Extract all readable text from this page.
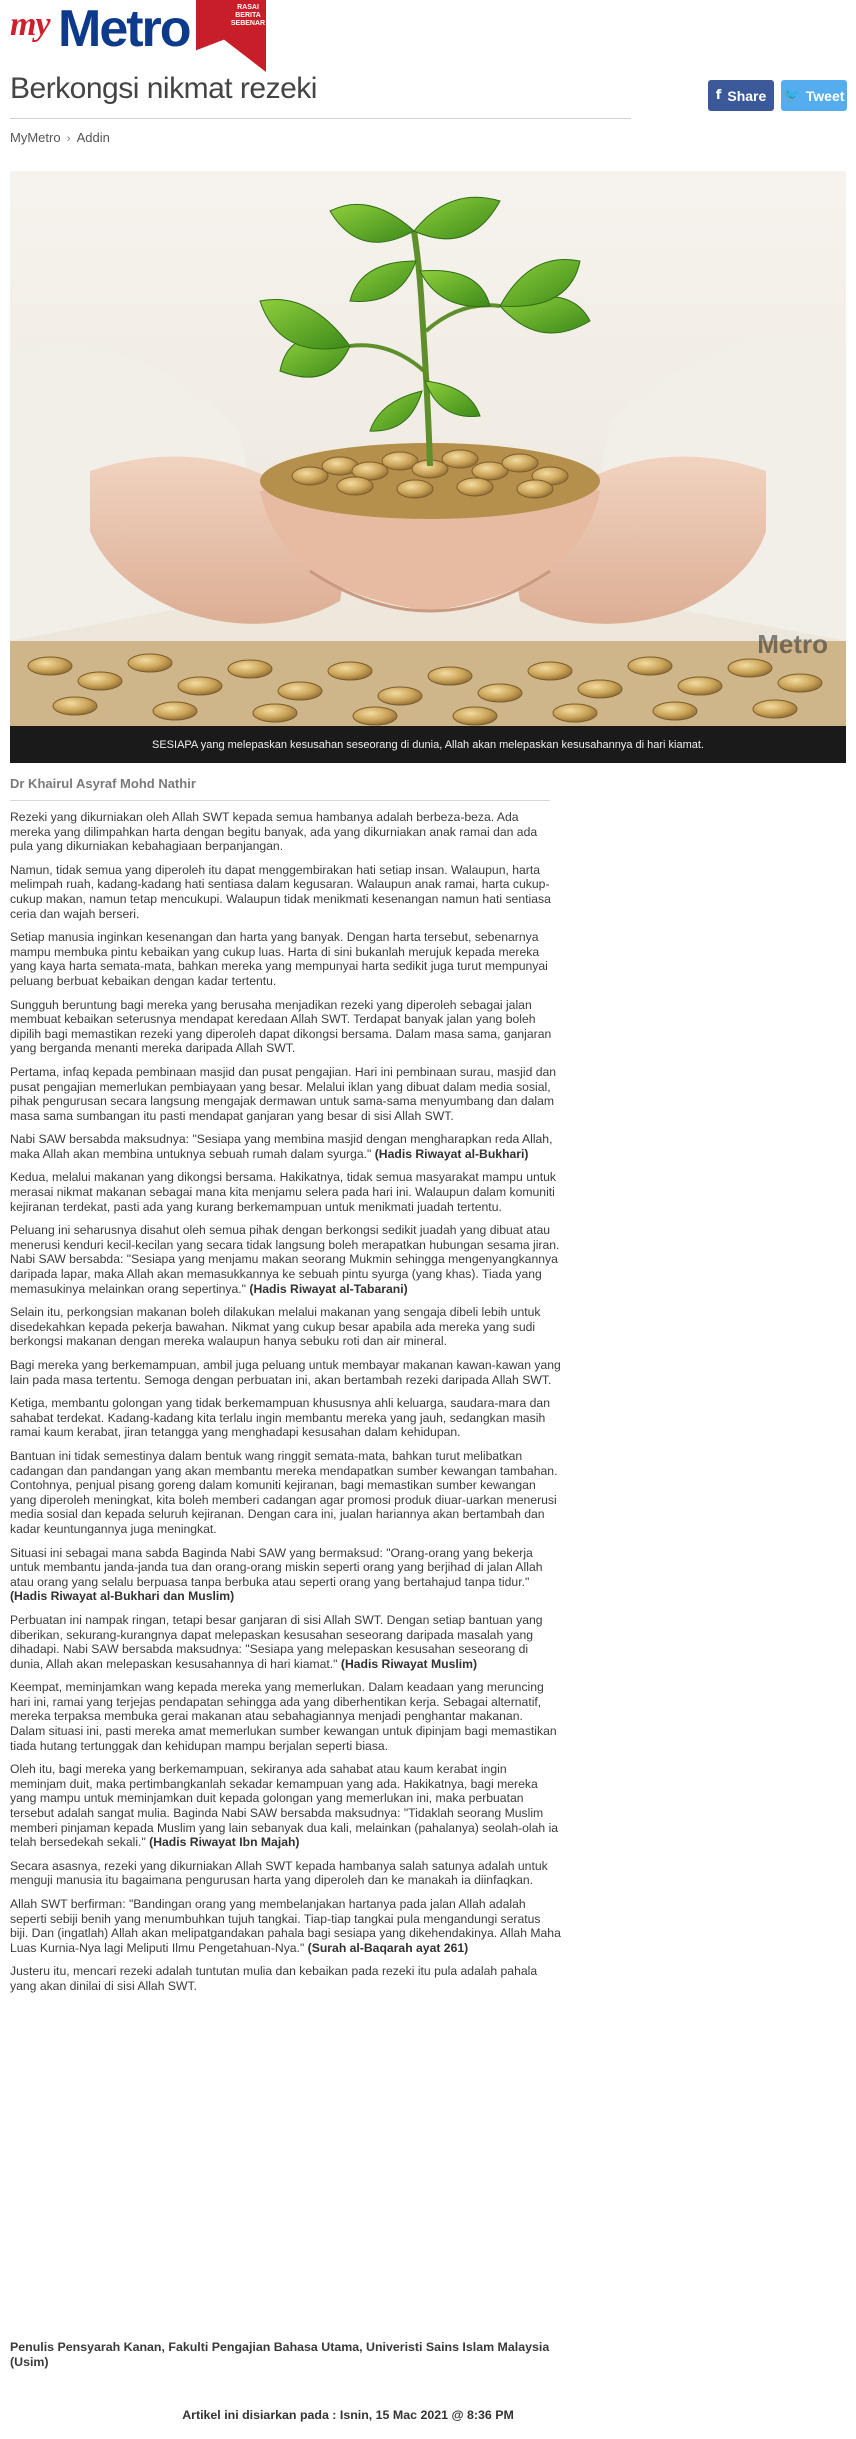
my Metro	RASAI BERITA SEBENAR
Berkongsi nikmat rezeki	f Share 🐦 Tweet
MyMetro › Addin
Metro
SESIAPA yang melepaskan kesusahan seseorang di dunia, Allah akan melepaskan kesusahannya di hari kiamat.
Dr Khairul Asyraf Mohd Nathir

Rezeki yang dikurniakan oleh Allah SWT kepada semua hambanya adalah berbeza-beza. Ada mereka yang dilimpahkan harta dengan begitu banyak, ada yang dikurniakan anak ramai dan ada pula yang dikurniakan kebahagiaan berpanjangan.

Namun, tidak semua yang diperoleh itu dapat menggembirakan hati setiap insan. Walaupun, harta melimpah ruah, kadang-kadang hati sentiasa dalam kegusaran. Walaupun anak ramai, harta cukup-cukup makan, namun tetap mencukupi. Walaupun tidak menikmati kesenangan namun hati sentiasa ceria dan wajah berseri.

Setiap manusia inginkan kesenangan dan harta yang banyak. Dengan harta tersebut, sebenarnya mampu membuka pintu kebaikan yang cukup luas. Harta di sini bukanlah merujuk kepada mereka yang kaya harta semata-mata, bahkan mereka yang mempunyai harta sedikit juga turut mempunyai peluang berbuat kebaikan dengan kadar tertentu.

Sungguh beruntung bagi mereka yang berusaha menjadikan rezeki yang diperoleh sebagai jalan membuat kebaikan seterusnya mendapat keredaan Allah SWT. Terdapat banyak jalan yang boleh dipilih bagi memastikan rezeki yang diperoleh dapat dikongsi bersama. Dalam masa sama, ganjaran yang berganda menanti mereka daripada Allah SWT.

Pertama, infaq kepada pembinaan masjid dan pusat pengajian. Hari ini pembinaan surau, masjid dan pusat pengajian memerlukan pembiayaan yang besar. Melalui iklan yang dibuat dalam media sosial, pihak pengurusan secara langsung mengajak dermawan untuk sama-sama menyumbang dan dalam masa sama sumbangan itu pasti mendapat ganjaran yang besar di sisi Allah SWT.

Nabi SAW bersabda maksudnya: "Sesiapa yang membina masjid dengan mengharapkan reda Allah, maka Allah akan membina untuknya sebuah rumah dalam syurga." (Hadis Riwayat al-Bukhari)

Kedua, melalui makanan yang dikongsi bersama. Hakikatnya, tidak semua masyarakat mampu untuk merasai nikmat makanan sebagai mana kita menjamu selera pada hari ini. Walaupun dalam komuniti kejiranan terdekat, pasti ada yang kurang berkemampuan untuk menikmati juadah tertentu.

Peluang ini seharusnya disahut oleh semua pihak dengan berkongsi sedikit juadah yang dibuat atau menerusi kenduri kecil-kecilan yang secara tidak langsung boleh merapatkan hubungan sesama jiran. Nabi SAW bersabda: "Sesiapa yang menjamu makan seorang Mukmin sehingga mengenyangkannya daripada lapar, maka Allah akan memasukkannya ke sebuah pintu syurga (yang khas). Tiada yang memasukinya melainkan orang sepertinya." (Hadis Riwayat al-Tabarani)

Selain itu, perkongsian makanan boleh dilakukan melalui makanan yang sengaja dibeli lebih untuk disedekahkan kepada pekerja bawahan. Nikmat yang cukup besar apabila ada mereka yang sudi berkongsi makanan dengan mereka walaupun hanya sebuku roti dan air mineral.

Bagi mereka yang berkemampuan, ambil juga peluang untuk membayar makanan kawan-kawan yang lain pada masa tertentu. Semoga dengan perbuatan ini, akan bertambah rezeki daripada Allah SWT.

Ketiga, membantu golongan yang tidak berkemampuan khususnya ahli keluarga, saudara-mara dan sahabat terdekat. Kadang-kadang kita terlalu ingin membantu mereka yang jauh, sedangkan masih ramai kaum kerabat, jiran tetangga yang menghadapi kesusahan dalam kehidupan.

Bantuan ini tidak semestinya dalam bentuk wang ringgit semata-mata, bahkan turut melibatkan cadangan dan pandangan yang akan membantu mereka mendapatkan sumber kewangan tambahan. Contohnya, penjual pisang goreng dalam komuniti kejiranan, bagi memastikan sumber kewangan yang diperoleh meningkat, kita boleh memberi cadangan agar promosi produk diuar-uarkan menerusi media sosial dan kepada seluruh kejiranan. Dengan cara ini, jualan hariannya akan bertambah dan kadar keuntungannya juga meningkat.

Situasi ini sebagai mana sabda Baginda Nabi SAW yang bermaksud: "Orang-orang yang bekerja untuk membantu janda-janda tua dan orang-orang miskin seperti orang yang berjihad di jalan Allah atau orang yang selalu berpuasa tanpa berbuka atau seperti orang yang bertahajud tanpa tidur." (Hadis Riwayat al-Bukhari dan Muslim)

Perbuatan ini nampak ringan, tetapi besar ganjaran di sisi Allah SWT. Dengan setiap bantuan yang diberikan, sekurang-kurangnya dapat melepaskan kesusahan seseorang daripada masalah yang dihadapi. Nabi SAW bersabda maksudnya: "Sesiapa yang melepaskan kesusahan seseorang di dunia, Allah akan melepaskan kesusahannya di hari kiamat." (Hadis Riwayat Muslim)

Keempat, meminjamkan wang kepada mereka yang memerlukan. Dalam keadaan yang meruncing hari ini, ramai yang terjejas pendapatan sehingga ada yang diberhentikan kerja. Sebagai alternatif, mereka terpaksa membuka gerai makanan atau sebahagiannya menjadi penghantar makanan. Dalam situasi ini, pasti mereka amat memerlukan sumber kewangan untuk dipinjam bagi memastikan tiada hutang tertunggak dan kehidupan mampu berjalan seperti biasa.

Oleh itu, bagi mereka yang berkemampuan, sekiranya ada sahabat atau kaum kerabat ingin meminjam duit, maka pertimbangkanlah sekadar kemampuan yang ada. Hakikatnya, bagi mereka yang mampu untuk meminjamkan duit kepada golongan yang memerlukan ini, maka perbuatan tersebut adalah sangat mulia. Baginda Nabi SAW bersabda maksudnya: "Tidaklah seorang Muslim memberi pinjaman kepada Muslim yang lain sebanyak dua kali, melainkan (pahalanya) seolah-olah ia telah bersedekah sekali." (Hadis Riwayat Ibn Majah)

Secara asasnya, rezeki yang dikurniakan Allah SWT kepada hambanya salah satunya adalah untuk menguji manusia itu bagaimana pengurusan harta yang diperoleh dan ke manakah ia diinfaqkan.

Allah SWT berfirman: "Bandingan orang yang membelanjakan hartanya pada jalan Allah adalah seperti sebiji benih yang menumbuhkan tujuh tangkai. Tiap-tiap tangkai pula mengandungi seratus biji. Dan (ingatlah) Allah akan melipatgandakan pahala bagi sesiapa yang dikehendakinya. Allah Maha Luas Kurnia-Nya lagi Meliputi Ilmu Pengetahuan-Nya." (Surah al-Baqarah ayat 261)

Justeru itu, mencari rezeki adalah tuntutan mulia dan kebaikan pada rezeki itu pula adalah pahala yang akan dinilai di sisi Allah SWT.

Penulis Pensyarah Kanan, Fakulti Pengajian Bahasa Utama, Univeristi Sains Islam Malaysia (Usim)
Artikel ini disiarkan pada : Isnin, 15 Mac 2021 @ 8:36 PM
